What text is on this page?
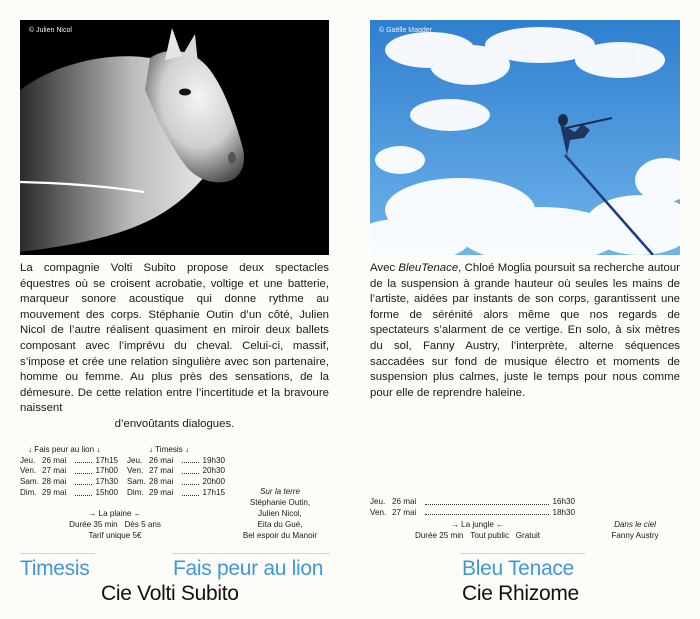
© Julien Nicol	© Gaëlle Magder

La compagnie Volti Subito propose deux spectacles équestres où se croisent acrobatie, voltige et une batterie, marqueur sonore acoustique qui donne rythme au mouvement des corps. Stéphanie Outin d’un côté, Julien Nicol de l’autre réalisent quasiment en miroir deux ballets composant avec l’imprévu du cheval. Celui-ci, massif, s’impose et crée une relation singulière avec son partenaire, homme ou femme. Au plus près des sensations, de la démesure. De cette relation entre l’incertitude et la bravoure naissent
d’envoûtants dialogues.

Avec BleuTenace, Chloé Moglia poursuit sa recherche autour de la suspension à grande hauteur où seules les mains de l’artiste, aidées par instants de son corps, garantissent une forme de sérénité alors même que nos regards de spectateurs s’alarment de ce vertige. En solo, à six mètres du sol, Fanny Austry, l’interprète, alterne séquences saccadées sur fond de musique électro et moments de suspension plus calmes, juste le temps pour nous comme pour elle de reprendre haleine.

↓ Fais peur au lion ↓
Jeu. 26 mai	17h15
Ven. 27 mai	17h00
Sam. 28 mai	17h30
Dim. 29 mai	15h00
↓ Timesis ↓
Jeu. 26 mai	19h30
Ven. 27 mai	20h30
Sam. 28 mai	20h00
Dim. 29 mai	17h15
→ La plaine ←
Durée 35 min Dès 5 ans
Tarif unique 5€
Sur la terre
Stéphanie Outin,
Julien Nicol,
Eita du Gué,
Bel espoir du Manoir
Timesis	Fais peur au lion
Cie Volti Subito
Jeu. 26 mai	16h30
Ven. 27 mai	18h30
→ La jungle ←
Durée 25 min Tout public Gratuit
Dans le ciel
Fanny Austry
Bleu Tenace
Cie Rhizome
